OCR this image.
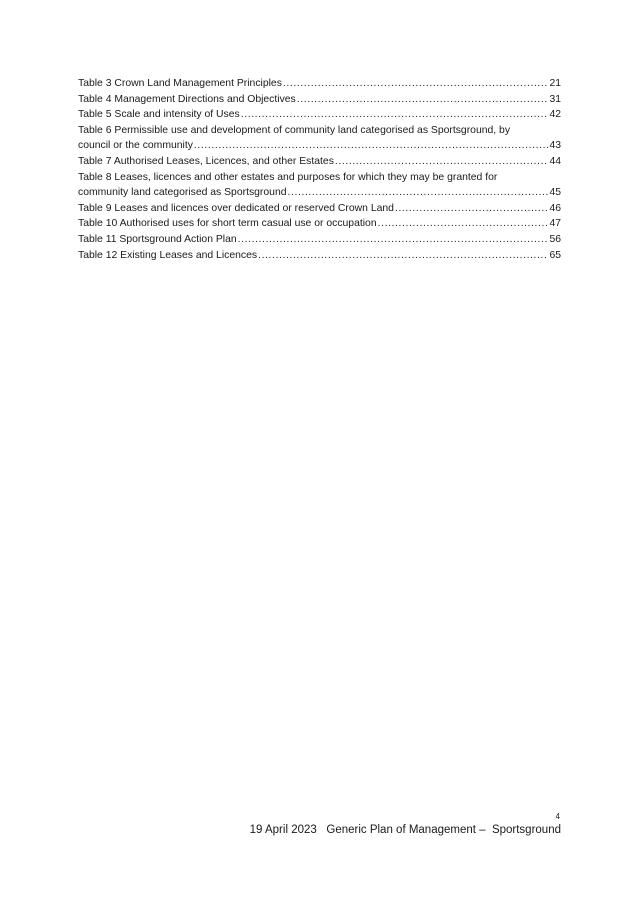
Table 3 Crown Land Management Principles .....	21
Table 4 Management Directions and Objectives .....	31
Table 5 Scale and intensity of Uses .....	42
Table 6 Permissible use and development of community land categorised as Sportsground, by
council or the community .....	43
Table 7 Authorised Leases, Licences, and other Estates .....	44
Table 8 Leases, licences and other estates and purposes for which they may be granted for
community land categorised as Sportsground .....	45
Table 9 Leases and licences over dedicated or reserved Crown Land .....	46
Table 10 Authorised uses for short term casual use or occupation .....	47
Table 11 Sportsground Action Plan .....	56
Table 12 Existing Leases and Licences .....	65
4
19 April 2023 Generic Plan of Management –  Sportsground
